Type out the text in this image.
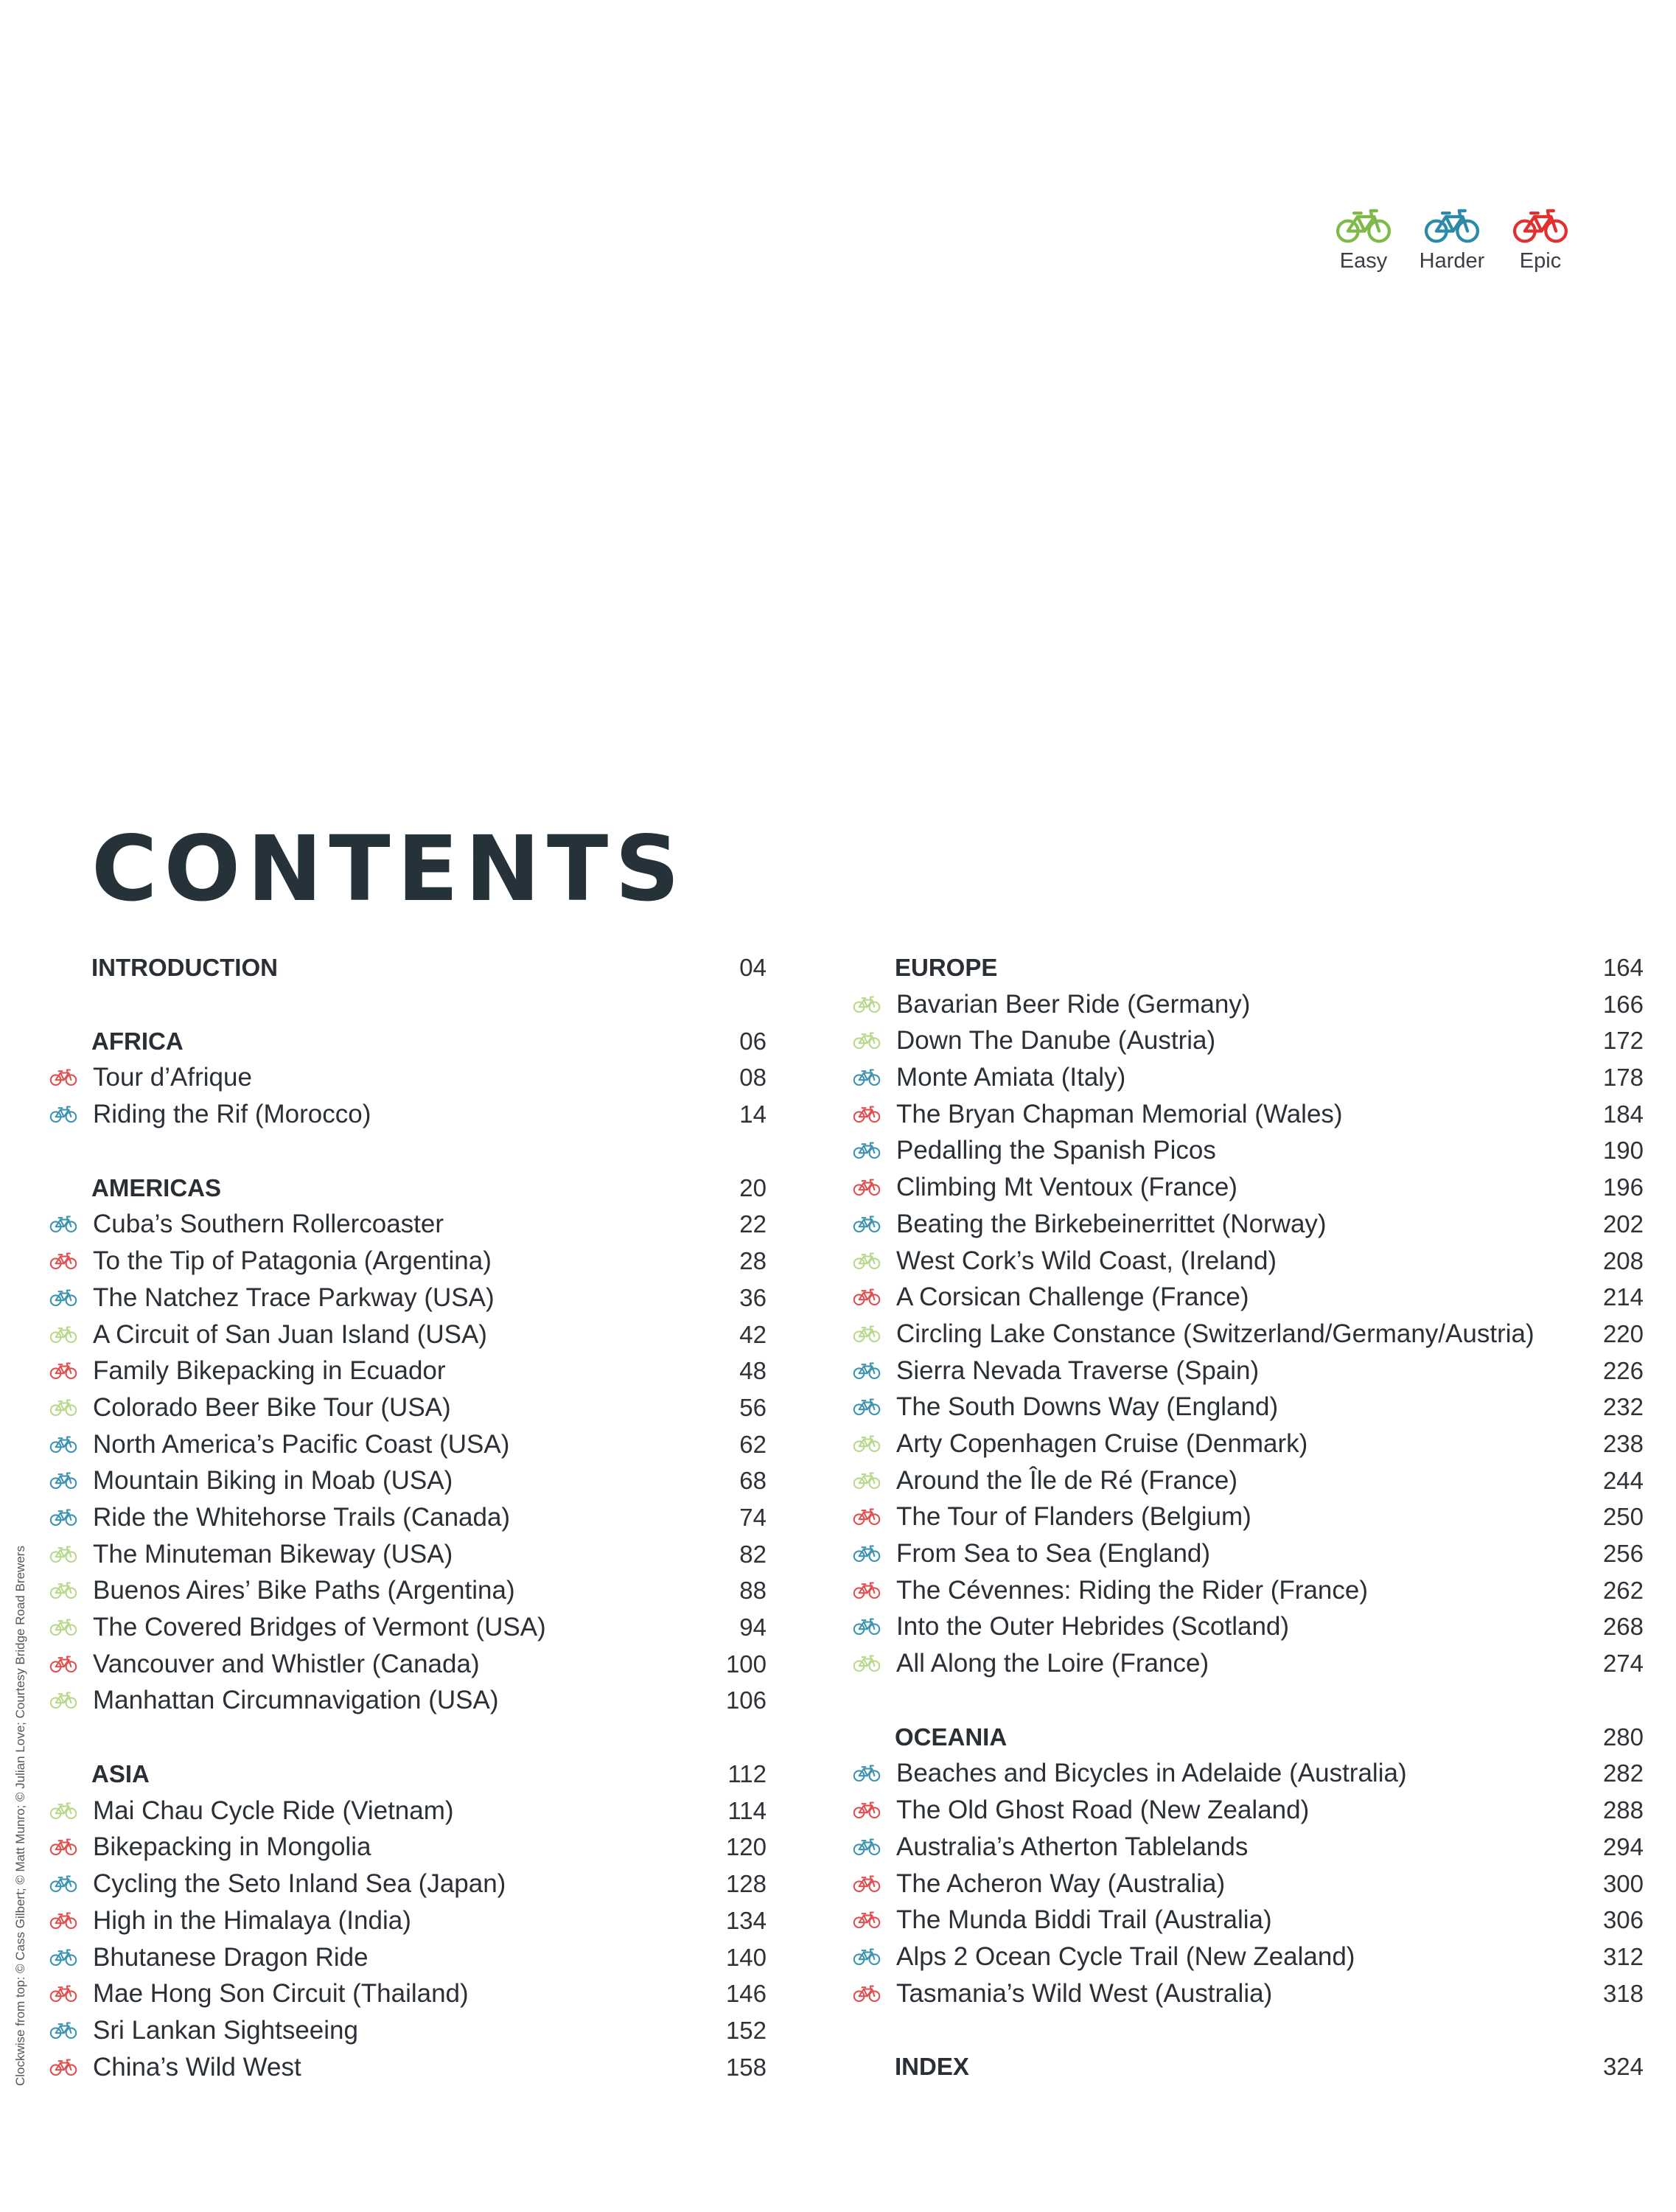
Easy	Harder	Epic
CONTENTS
INTRODUCTION	04
AFRICA	06
Tour d’Afrique	08
Riding the Rif (Morocco)	14
AMERICAS	20
Cuba’s Southern Rollercoaster	22
To the Tip of Patagonia (Argentina)	28
The Natchez Trace Parkway (USA)	36
A Circuit of San Juan Island (USA)	42
Family Bikepacking in Ecuador	48
Colorado Beer Bike Tour (USA)	56
North America’s Pacific Coast (USA)	62
Mountain Biking in Moab (USA)	68
Ride the Whitehorse Trails (Canada)	74
The Minuteman Bikeway (USA)	82
Buenos Aires’ Bike Paths (Argentina)	88
The Covered Bridges of Vermont (USA)	94
Vancouver and Whistler (Canada)	100
Manhattan Circumnavigation (USA)	106
ASIA	112
Mai Chau Cycle Ride (Vietnam)	114
Bikepacking in Mongolia	120
Cycling the Seto Inland Sea (Japan)	128
High in the Himalaya (India)	134
Bhutanese Dragon Ride	140
Mae Hong Son Circuit (Thailand)	146
Sri Lankan Sightseeing	152
China’s Wild West	158
EUROPE	164
Bavarian Beer Ride (Germany)	166
Down The Danube (Austria)	172
Monte Amiata (Italy)	178
The Bryan Chapman Memorial (Wales)	184
Pedalling the Spanish Picos	190
Climbing Mt Ventoux (France)	196
Beating the Birkebeinerrittet (Norway)	202
West Cork’s Wild Coast, (Ireland)	208
A Corsican Challenge (France)	214
Circling Lake Constance (Switzerland/Germany/Austria)	220
Sierra Nevada Traverse (Spain)	226
The South Downs Way (England)	232
Arty Copenhagen Cruise (Denmark)	238
Around the Île de Ré (France)	244
The Tour of Flanders (Belgium)	250
From Sea to Sea (England)	256
The Cévennes: Riding the Rider (France)	262
Into the Outer Hebrides (Scotland)	268
All Along the Loire (France)	274
OCEANIA	280
Beaches and Bicycles in Adelaide (Australia)	282
The Old Ghost Road (New Zealand)	288
Australia’s Atherton Tablelands	294
The Acheron Way (Australia)	300
The Munda Biddi Trail (Australia)	306
Alps 2 Ocean Cycle Trail (New Zealand)	312
Tasmania’s Wild West (Australia)	318
INDEX	324
Clockwise from top: © Cass Gilbert; © Matt Munro; © Julian Love; Courtesy Bridge Road Brewers
